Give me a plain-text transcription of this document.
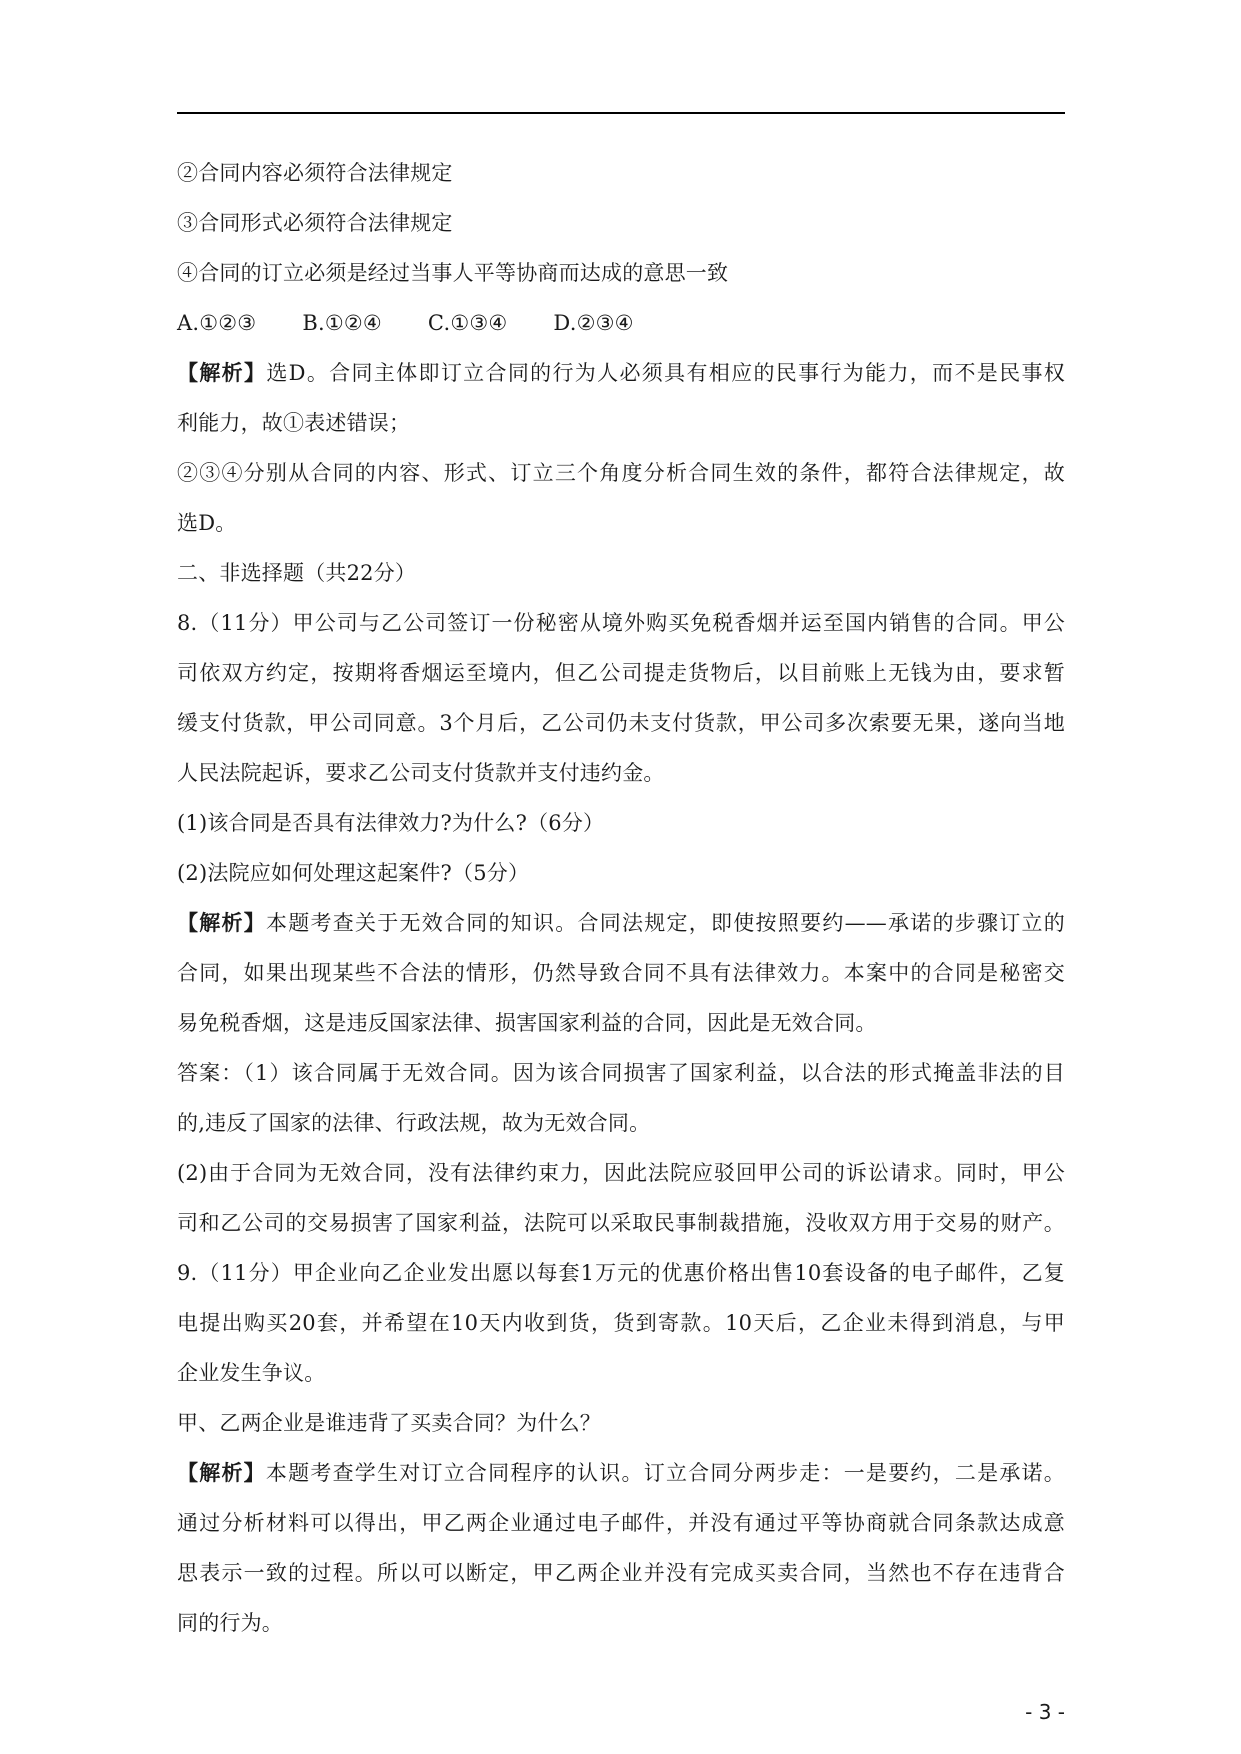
②合同内容必须符合法律规定
③合同形式必须符合法律规定
④合同的订立必须是经过当事人平等协商而达成的意思一致
A.①②③ B.①②④ C.①③④ D.②③④
【解析】选D。合同主体即订立合同的行为人必须具有相应的民事行为能力，而不是民事权
利能力，故①表述错误；
②③④分别从合同的内容、形式、订立三个角度分析合同生效的条件，都符合法律规定，故
选D。
二、非选择题（共22分）
8.（11分）甲公司与乙公司签订一份秘密从境外购买免税香烟并运至国内销售的合同。甲公
司依双方约定，按期将香烟运至境内，但乙公司提走货物后，以目前账上无钱为由，要求暂
缓支付货款，甲公司同意。3个月后，乙公司仍未支付货款，甲公司多次索要无果，遂向当地
人民法院起诉，要求乙公司支付货款并支付违约金。
(1)该合同是否具有法律效力?为什么?（6分）
(2)法院应如何处理这起案件?（5分）
【解析】本题考查关于无效合同的知识。合同法规定，即使按照要约——承诺的步骤订立的
合同，如果出现某些不合法的情形，仍然导致合同不具有法律效力。本案中的合同是秘密交
易免税香烟，这是违反国家法律、损害国家利益的合同，因此是无效合同。
答案：（1）该合同属于无效合同。因为该合同损害了国家利益，以合法的形式掩盖非法的目
的,违反了国家的法律、行政法规，故为无效合同。
(2)由于合同为无效合同，没有法律约束力，因此法院应驳回甲公司的诉讼请求。同时，甲公
司和乙公司的交易损害了国家利益，法院可以采取民事制裁措施，没收双方用于交易的财产。
9.（11分）甲企业向乙企业发出愿以每套1万元的优惠价格出售10套设备的电子邮件，乙复
电提出购买20套，并希望在10天内收到货，货到寄款。10天后，乙企业未得到消息，与甲
企业发生争议。
甲、乙两企业是谁违背了买卖合同？为什么？
【解析】本题考查学生对订立合同程序的认识。订立合同分两步走：一是要约，二是承诺。
通过分析材料可以得出，甲乙两企业通过电子邮件，并没有通过平等协商就合同条款达成意
思表示一致的过程。所以可以断定，甲乙两企业并没有完成买卖合同，当然也不存在违背合
同的行为。
- 3 -
